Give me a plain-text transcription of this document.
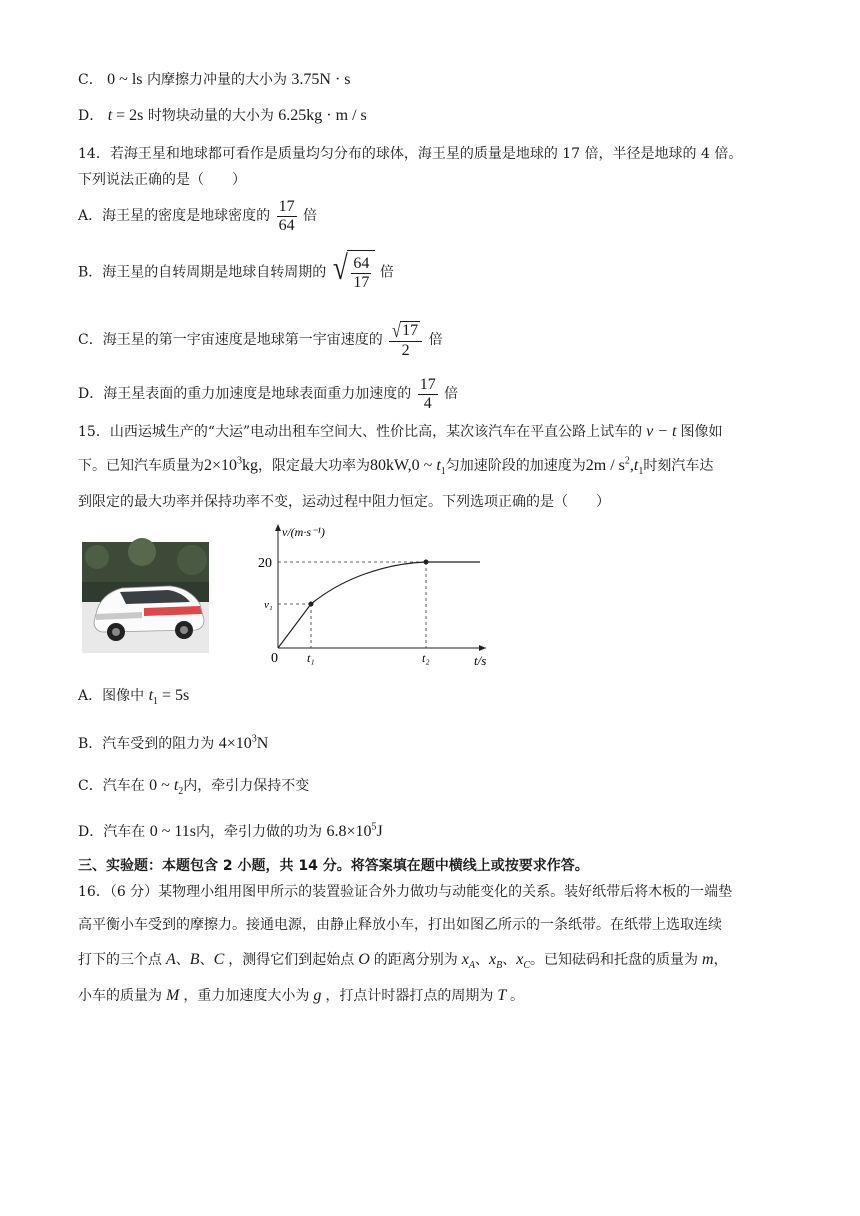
C． 0 ~ ls 内摩擦力冲量的大小为 3.75N · s
D． t = 2s 时物块动量的大小为 6.25kg · m / s
14．若海王星和地球都可看作是质量均匀分布的球体，海王星的质量是地球的 17 倍，半径是地球的 4 倍。
下列说法正确的是（　　）
A．海王星的密度是地球密度的 $\frac{17}{64}$ 倍
B．海王星的自转周期是地球自转周期的 √ $\frac{64}{17}$ 倍
C．海王星的第一宇宙速度是地球第一宇宙速度的 $\frac{√ 17}{2}$ 倍
D．海王星表面的重力加速度是地球表面重力加速度的 $\frac{17}{4}$ 倍
15．山西运城生产的“大运”电动出租车空间大、性价比高，某次该汽车在平直公路上试车的 v − t 图像如
下。已知汽车质量为$2\times 10^3kg$，限定最大功率为80kW,0 ~ $t_1$匀加速阶段的加速度为$2m / s^2,t_1$时刻汽车达
到限定的最大功率并保持功率不变，运动过程中阻力恒定。下列选项正确的是（　　）
v/(m·s⁻¹)
20
v₁
0 t₁	t₂	t/s
A．图像中 $t_1 = 5s$
B．汽车受到的阻力为 $4\times 10^3N$
C．汽车在 0 ~ $t_2$内，牵引力保持不变
D．汽车在 0 ~ 11s内，牵引力做的功为 $6.8\times 10^5J$
三、实验题：本题包含 2 小题，共 14 分。将答案填在题中横线上或按要求作答。
16．（6 分）某物理小组用图甲所示的装置验证合外力做功与动能变化的关系。装好纸带后将木板的一端垫
高平衡小车受到的摩擦力。接通电源，由静止释放小车，打出如图乙所示的一条纸带。在纸带上选取连续
打下的三个点 A、B、C ，测得它们到起始点 O 的距离分别为 $x_A$、$x_B$、$x_C$。已知砝码和托盘的质量为 m，
小车的质量为 M ，重力加速度大小为 g ，打点计时器打点的周期为 T 。
